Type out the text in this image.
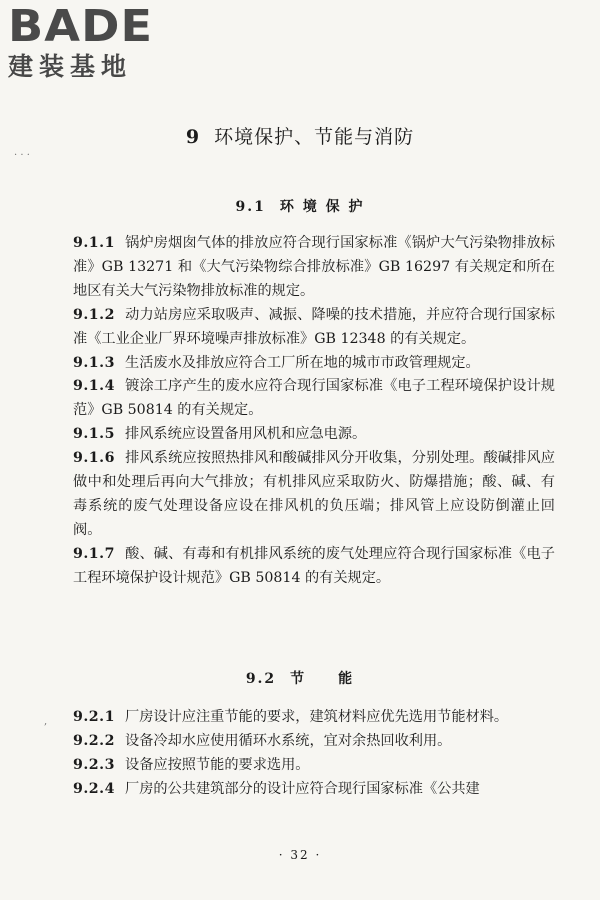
BADE
建装基地
· · ·
9 环境保护、节能与消防
9.1 环 境 保 护

9.1.1 锅炉房烟囱气体的排放应符合现行国家标准《锅炉大气污染物排放标准》GB 13271 和《大气污染物综合排放标准》GB 16297 有关规定和所在地区有关大气污染物排放标准的规定。

9.1.2 动力站房应采取吸声、减振、降噪的技术措施，并应符合现行国家标准《工业企业厂界环境噪声排放标准》GB 12348 的有关规定。

9.1.3 生活废水及排放应符合工厂所在地的城市市政管理规定。

9.1.4 镀涂工序产生的废水应符合现行国家标准《电子工程环境保护设计规范》GB 50814 的有关规定。

9.1.5 排风系统应设置备用风机和应急电源。

9.1.6 排风系统应按照热排风和酸碱排风分开收集，分别处理。酸碱排风应做中和处理后再向大气排放；有机排风应采取防火、防爆措施；酸、碱、有毒系统的废气处理设备应设在排风机的负压端；排风管上应设防倒灌止回阀。

9.1.7 酸、碱、有毒和有机排风系统的废气处理应符合现行国家标准《电子工程环境保护设计规范》GB 50814 的有关规定。

9.2 节　　能
, 9.2.1 厂房设计应注重节能的要求，建筑材料应优先选用节能材料。

9.2.2 设备冷却水应使用循环水系统，宜对余热回收利用。

9.2.3 设备应按照节能的要求选用。

9.2.4 厂房的公共建筑部分的设计应符合现行国家标准《公共建

· 32 ·
